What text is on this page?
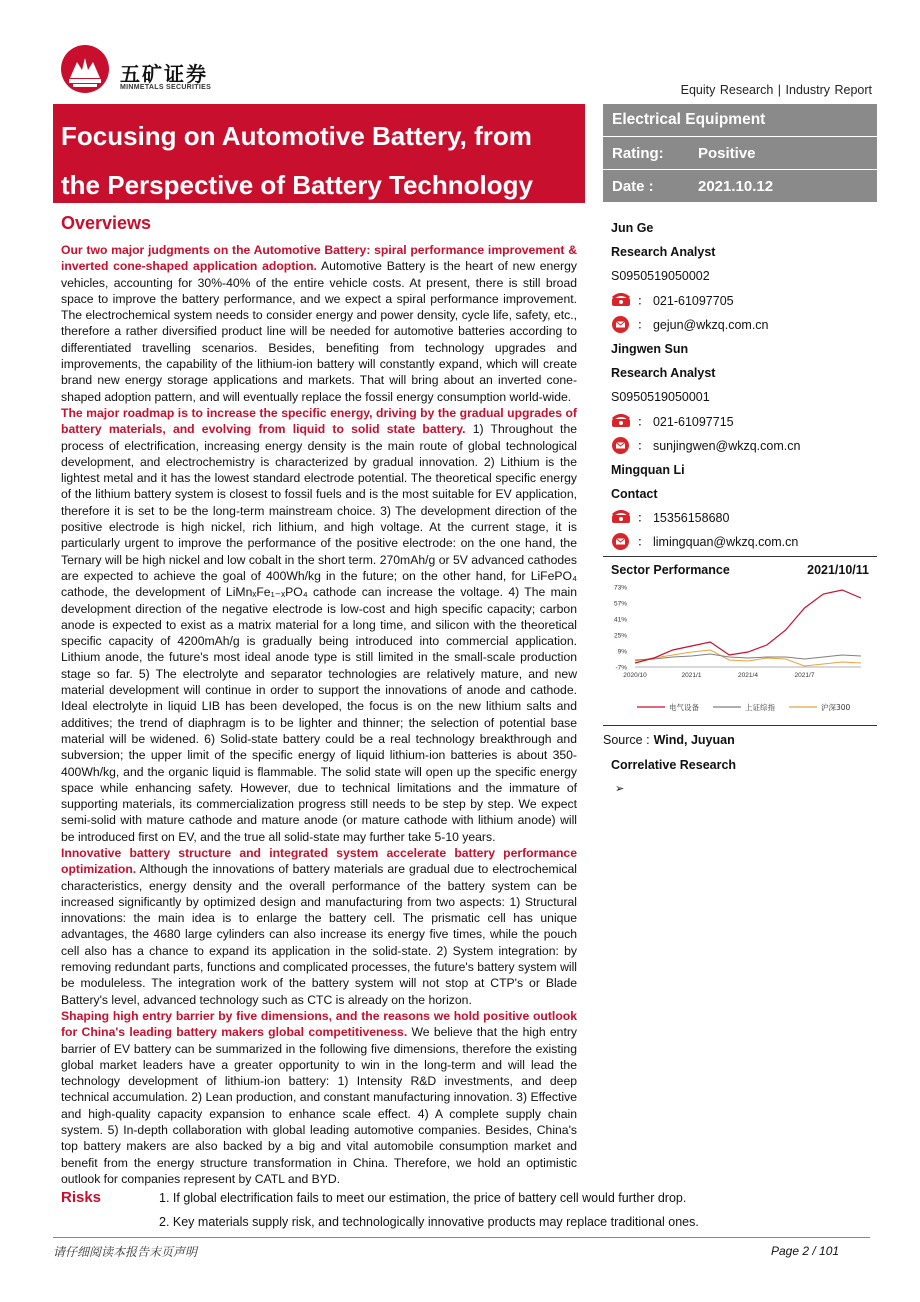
五矿证券
MINMETALS SECURITIES	Equity Research | Industry Report
Focusing on Automotive Battery, from
the Perspective of Battery Technology
Electrical Equipment
Rating:	Positive
Date :	2021.10.12
Jun Ge
Research Analyst
S0950519050002
： 021-61097705
： gejun@wkzq.com.cn
Jingwen Sun
Research Analyst
S0950519050001
： 021-61097715
： sunjingwen@wkzq.com.cn
Mingquan Li
Contact
： 15356158680
： limingquan@wkzq.com.cn
Sector Performance	2021/10/11
73%
57%
41%
25%
9%
-7%
2020/10	2021/1	2021/4	2021/7
电气设备	上证综指	沪深300
Source : Wind, Juyuan
Correlative Research
➢
Overviews

Our two major judgments on the Automotive Battery: spiral performance improvement & inverted cone-shaped application adoption. Automotive Battery is the heart of new energy vehicles, accounting for 30%-40% of the entire vehicle costs. At present, there is still broad space to improve the battery performance, and we expect a spiral performance improvement. The electrochemical system needs to consider energy and power density, cycle life, safety, etc., therefore a rather diversified product line will be needed for automotive batteries according to differentiated travelling scenarios. Besides, benefiting from technology upgrades and improvements, the capability of the lithium-ion battery will constantly expand, which will create brand new energy storage applications and markets. That will bring about an inverted cone-shaped adoption pattern, and will eventually replace the fossil energy consumption world-wide.

The major roadmap is to increase the specific energy, driving by the gradual upgrades of battery materials, and evolving from liquid to solid state battery. 1) Throughout the process of electrification, increasing energy density is the main route of global technological development, and electrochemistry is characterized by gradual innovation. 2) Lithium is the lightest metal and it has the lowest standard electrode potential. The theoretical specific energy of the lithium battery system is closest to fossil fuels and is the most suitable for EV application, therefore it is set to be the long-term mainstream choice. 3) The development direction of the positive electrode is high nickel, rich lithium, and high voltage. At the current stage, it is particularly urgent to improve the performance of the positive electrode: on the one hand, the Ternary will be high nickel and low cobalt in the short term. 270mAh/g or 5V advanced cathodes are expected to achieve the goal of 400Wh/kg in the future; on the other hand, for LiFePO₄ cathode, the development of LiMnₓFe₁₋ₓPO₄ cathode can increase the voltage. 4) The main development direction of the negative electrode is low-cost and high specific capacity; carbon anode is expected to exist as a matrix material for a long time, and silicon with the theoretical specific capacity of 4200mAh/g is gradually being introduced into commercial application. Lithium anode, the future's most ideal anode type is still limited in the small-scale production stage so far. 5) The electrolyte and separator technologies are relatively mature, and new material development will continue in order to support the innovations of anode and cathode. Ideal electrolyte in liquid LIB has been developed, the focus is on the new lithium salts and additives; the trend of diaphragm is to be lighter and thinner; the selection of potential base material will be widened. 6) Solid-state battery could be a real technology breakthrough and subversion; the upper limit of the specific energy of liquid lithium-ion batteries is about 350-400Wh/kg, and the organic liquid is flammable. The solid state will open up the specific energy space while enhancing safety. However, due to technical limitations and the immature of supporting materials, its commercialization progress still needs to be step by step. We expect semi-solid with mature cathode and mature anode (or mature cathode with lithium anode) will be introduced first on EV, and the true all solid-state may further take 5-10 years.

Innovative battery structure and integrated system accelerate battery performance optimization. Although the innovations of battery materials are gradual due to electrochemical characteristics, energy density and the overall performance of the battery system can be increased significantly by optimized design and manufacturing from two aspects: 1) Structural innovations: the main idea is to enlarge the battery cell. The prismatic cell has unique advantages, the 4680 large cylinders can also increase its energy five times, while the pouch cell also has a chance to expand its application in the solid-state. 2) System integration: by removing redundant parts, functions and complicated processes, the future's battery system will be moduleless. The integration work of the battery system will not stop at CTP's or Blade Battery's level, advanced technology such as CTC is already on the horizon.

Shaping high entry barrier by five dimensions, and the reasons we hold positive outlook for China's leading battery makers global competitiveness. We believe that the high entry barrier of EV battery can be summarized in the following five dimensions, therefore the existing global market leaders have a greater opportunity to win in the long-term and will lead the technology development of lithium-ion battery: 1) Intensity R&D investments, and deep technical accumulation. 2) Lean production, and constant manufacturing innovation. 3) Effective and high-quality capacity expansion to enhance scale effect. 4) A complete supply chain system. 5) In-depth collaboration with global leading automotive companies. Besides, China's top battery makers are also backed by a big and vital automobile consumption market and benefit from the energy structure transformation in China. Therefore, we hold an optimistic outlook for companies represent by CATL and BYD.

Risks	1. If global electrification fails to meet our estimation, the price of battery cell would further drop.
2. Key materials supply risk, and technologically innovative products may replace traditional ones.
请仔细阅读本报告末页声明	Page 2 / 101
